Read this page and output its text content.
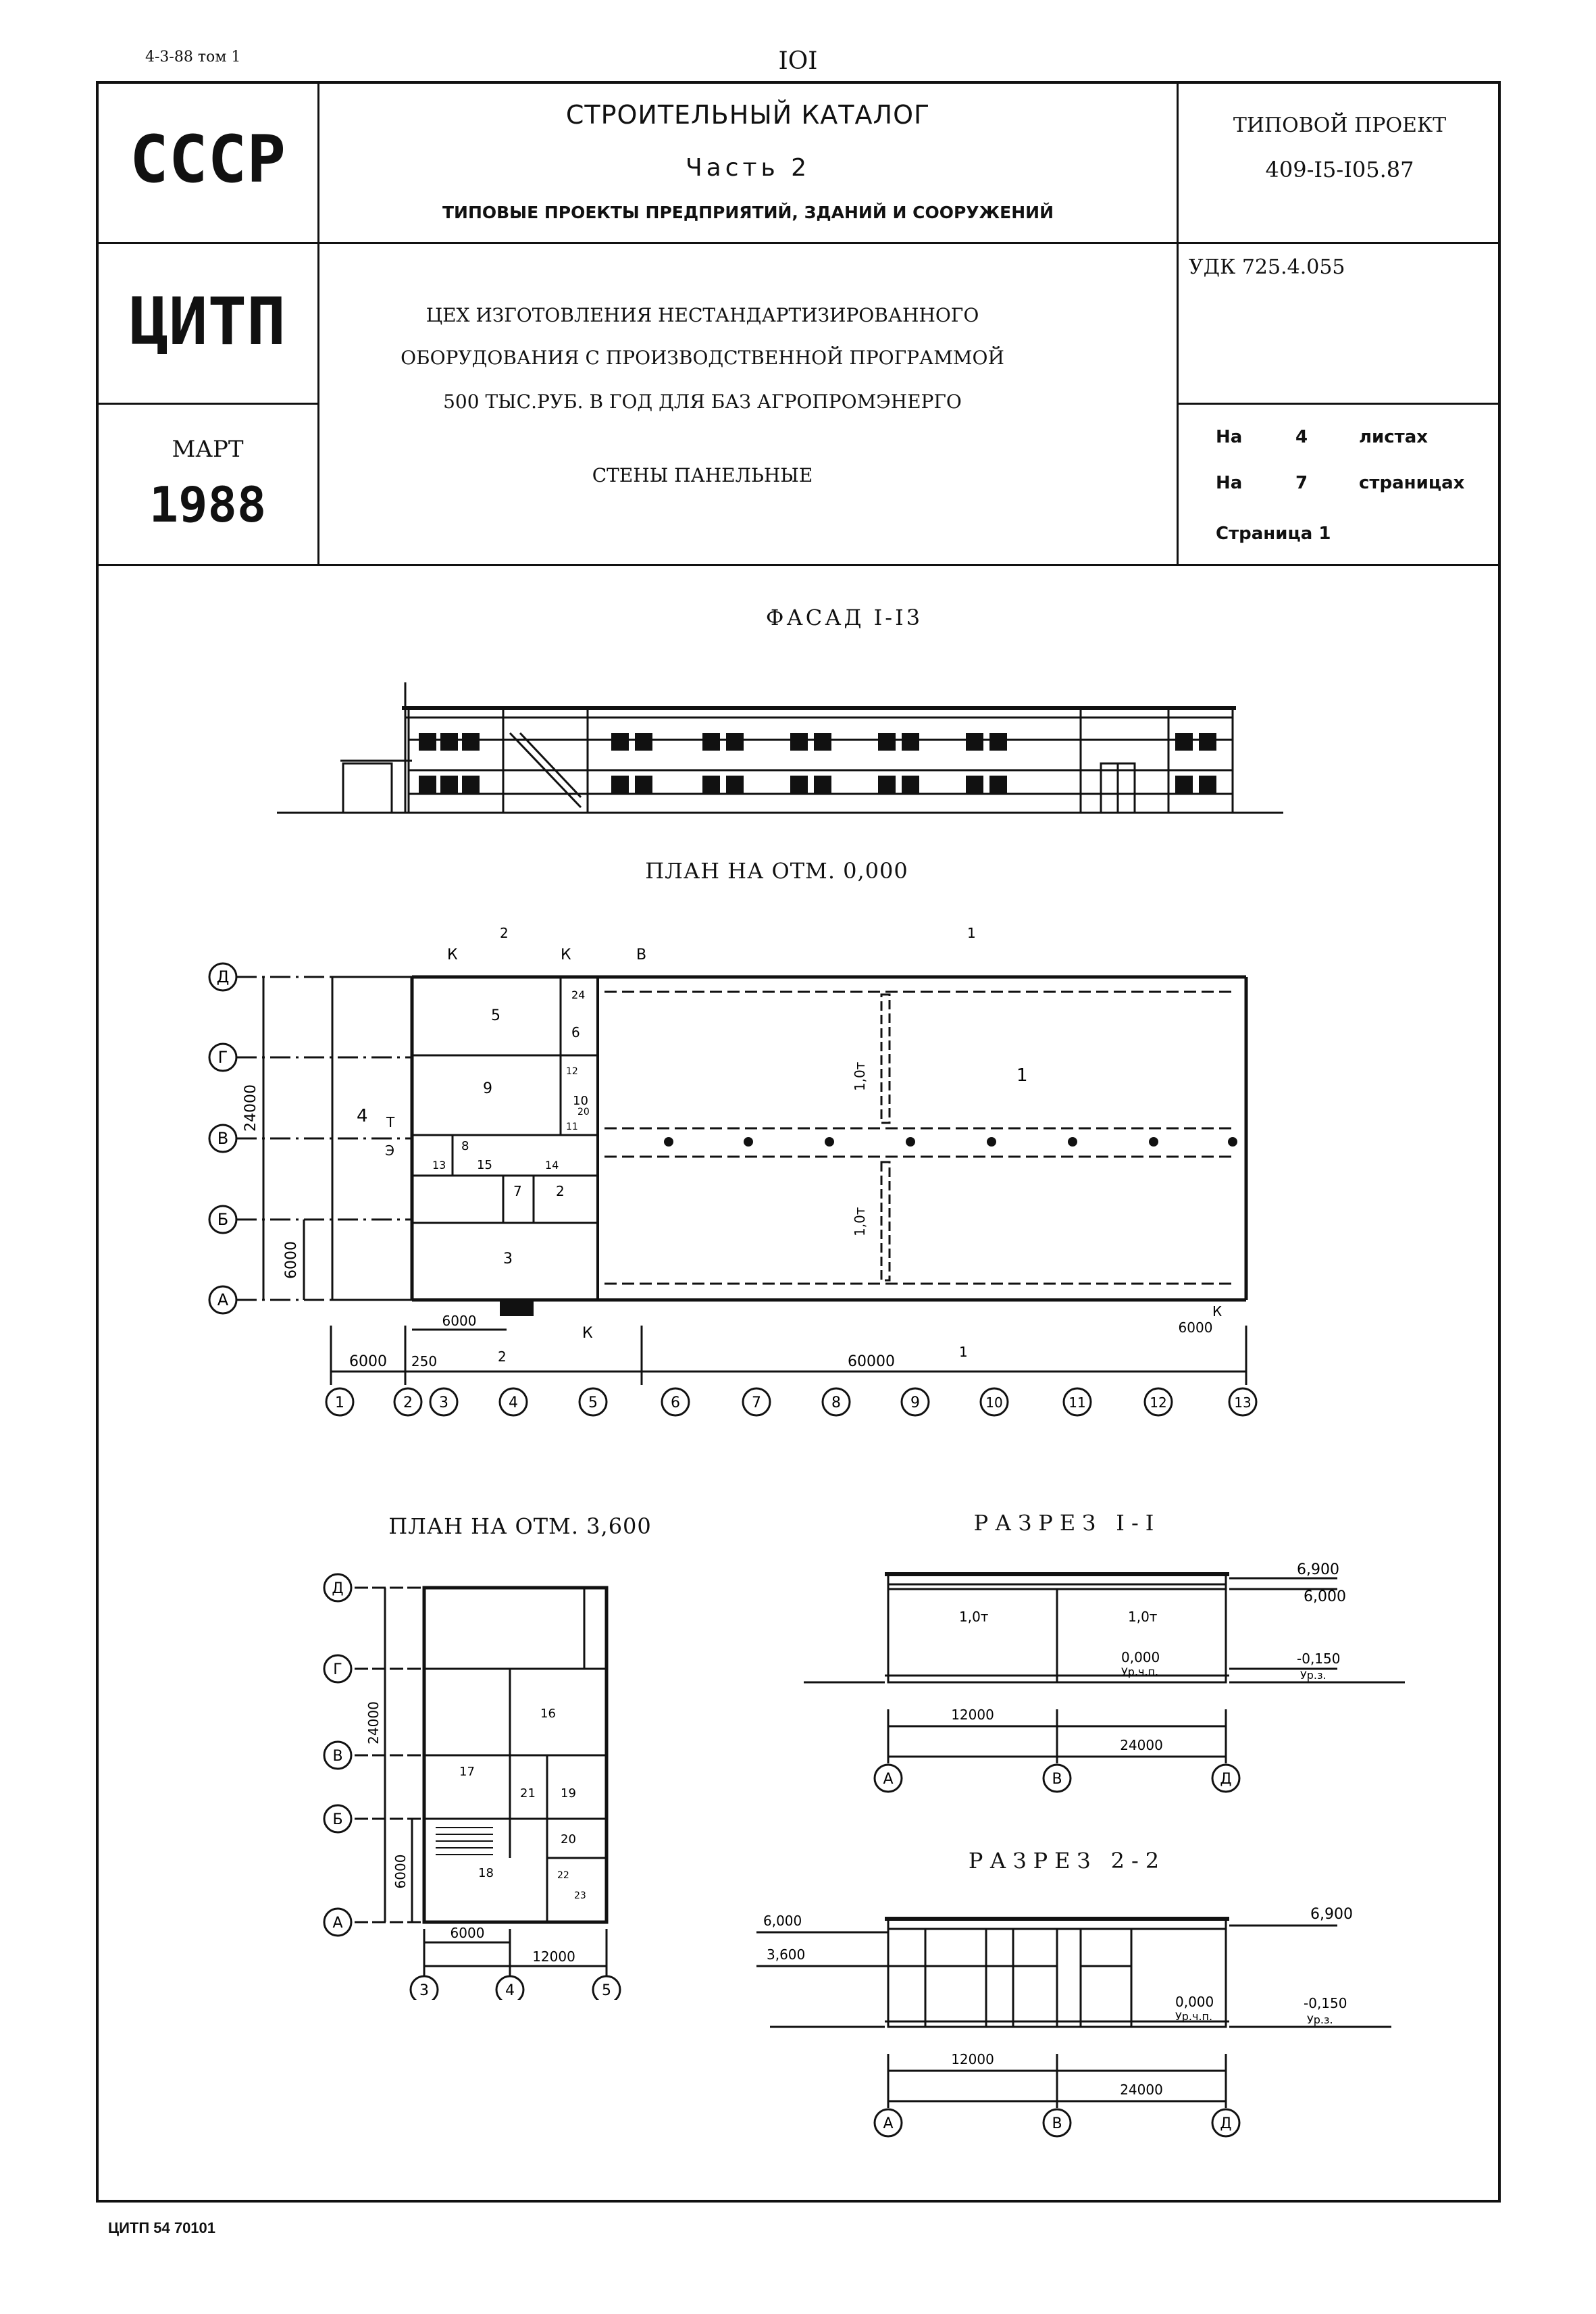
4-3-88 том 1	IOI
СССР
ЦИТП
МАРТ
1988
СТРОИТЕЛЬНЫЙ КАТАЛОГ
Часть 2
ТИПОВЫЕ ПРОЕКТЫ ПРЕДПРИЯТИЙ, ЗДАНИЙ И СООРУЖЕНИЙ
ЦЕХ ИЗГОТОВЛЕНИЯ НЕСТАНДАРТИЗИРОВАННОГО
ОБОРУДОВАНИЯ С ПРОИЗВОДСТВЕННОЙ ПРОГРАММОЙ
500 ТЫС.РУБ. В ГОД ДЛЯ БАЗ АГРОПРОМЭНЕРГО
СТЕНЫ ПАНЕЛЬНЫЕ
ТИПОВОЙ ПРОЕКТ
409-I5-I05.87
УДК 725.4.055
На	4	листах
На	7	страницах
Страница 1
ФАСАД I-I3
ПЛАН НА ОТМ. 0,000
ПЛАН НА ОТМ. 3,600	РАЗРЕЗ I-I
РАЗРЕЗ 2-2
Д
Г
В
Б
А
1	2 3	4	5	6	7	8	9	10	11	12	13
24000
6000
6000 250
6000
60000
6000
1
2
3
4
5
6
7
8
9
10
11
12
13	14
15
20
24
1,0т
1,0т
К	К
К
К
В
Т
Э
1
2
1
2
Д
Г
В
Б
А
3	4	5
24000
6000
6000
12000
16
17
18
19
20
21
22
23
А	В	Д
6,900
6,000
0,000
Ур.ч.п.
-0,150
Ур.з.
1,0т	1,0т
12000
24000
А	В	Д
6,900
6,000
3,600
0,000
Ур.ч.п.
-0,150
Ур.з.
12000
24000
ЦИТП 54 70101
